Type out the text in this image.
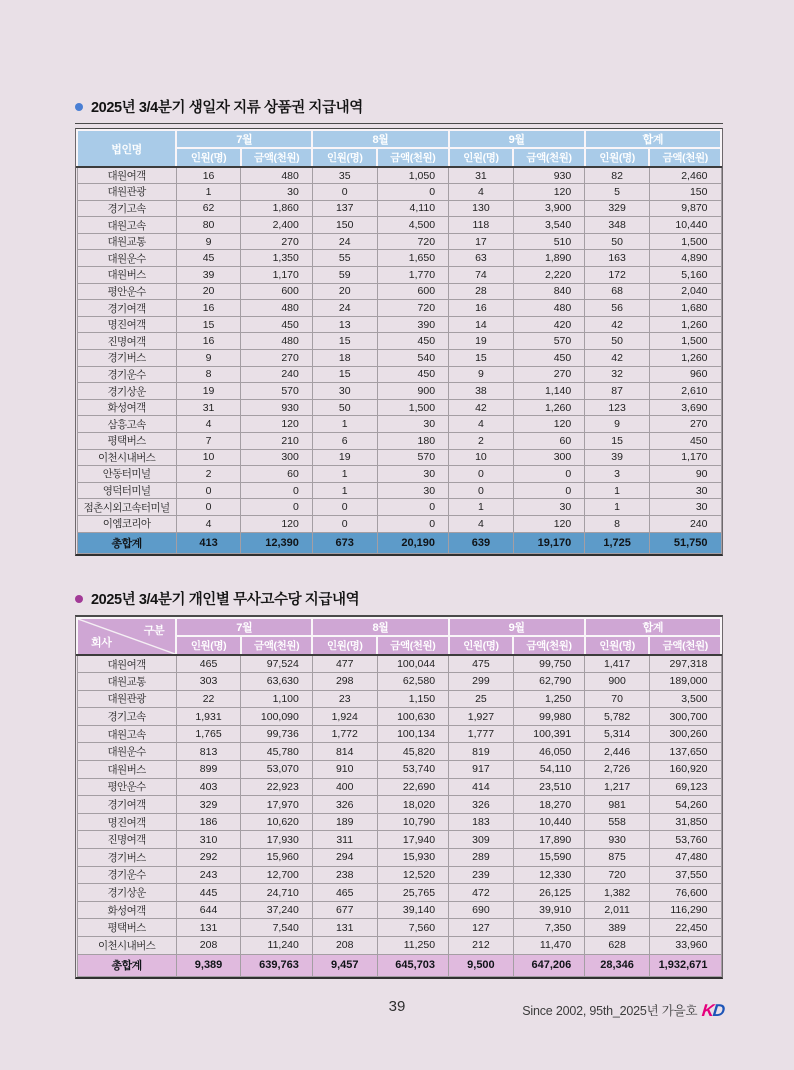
2025년 3/4분기 생일자 지류 상품권 지급내역
법인명	7월		8월		9월		합계	
	인원(명)	금액(천원)	인원(명)	금액(천원)	인원(명)	금액(천원)	인원(명)	금액(천원)
대원여객	16	480	35	1,050	31	930	82	2,460
대원관광	1	30	0	0	4	120	5	150
경기고속	62	1,860	137	4,110	130	3,900	329	9,870
대원고속	80	2,400	150	4,500	118	3,540	348	10,440
대원교통	9	270	24	720	17	510	50	1,500
대원운수	45	1,350	55	1,650	63	1,890	163	4,890
대원버스	39	1,170	59	1,770	74	2,220	172	5,160
평안운수	20	600	20	600	28	840	68	2,040
경기여객	16	480	24	720	16	480	56	1,680
명진여객	15	450	13	390	14	420	42	1,260
진명여객	16	480	15	450	19	570	50	1,500
경기버스	9	270	18	540	15	450	42	1,260
경기운수	8	240	15	450	9	270	32	960
경기상운	19	570	30	900	38	1,140	87	2,610
화성여객	31	930	50	1,500	42	1,260	123	3,690
삼흥고속	4	120	1	30	4	120	9	270
평택버스	7	210	6	180	2	60	15	450
이천시내버스	10	300	19	570	10	300	39	1,170
안동터미널	2	60	1	30	0	0	3	90
영덕터미널	0	0	1	30	0	0	1	30
점촌시외고속터미널	0	0	0	0	1	30	1	30
이엠코리아	4	120	0	0	4	120	8	240
총합계	413	12,390	673	20,190	639	19,170	1,725	51,750
2025년 3/4분기 개인별 무사고수당 지급내역
구분
회사	7월		8월		9월		합계	
	인원(명)	금액(천원)	인원(명)	금액(천원)	인원(명)	금액(천원)	인원(명)	금액(천원)
대원여객	465	97,524	477	100,044	475	99,750	1,417	297,318
대원교통	303	63,630	298	62,580	299	62,790	900	189,000
대원관광	22	1,100	23	1,150	25	1,250	70	3,500
경기고속	1,931	100,090	1,924	100,630	1,927	99,980	5,782	300,700
대원고속	1,765	99,736	1,772	100,134	1,777	100,391	5,314	300,260
대원운수	813	45,780	814	45,820	819	46,050	2,446	137,650
대원버스	899	53,070	910	53,740	917	54,110	2,726	160,920
평안운수	403	22,923	400	22,690	414	23,510	1,217	69,123
경기여객	329	17,970	326	18,020	326	18,270	981	54,260
명진여객	186	10,620	189	10,790	183	10,440	558	31,850
진명여객	310	17,930	311	17,940	309	17,890	930	53,760
경기버스	292	15,960	294	15,930	289	15,590	875	47,480
경기운수	243	12,700	238	12,520	239	12,330	720	37,550
경기상운	445	24,710	465	25,765	472	26,125	1,382	76,600
화성여객	644	37,240	677	39,140	690	39,910	2,011	116,290
평택버스	131	7,540	131	7,560	127	7,350	389	22,450
이천시내버스	208	11,240	208	11,250	212	11,470	628	33,960
총합계	9,389	639,763	9,457	645,703	9,500	647,206	28,346	1,932,671
39	Since 2002, 95th_2025년 가을호 KD
